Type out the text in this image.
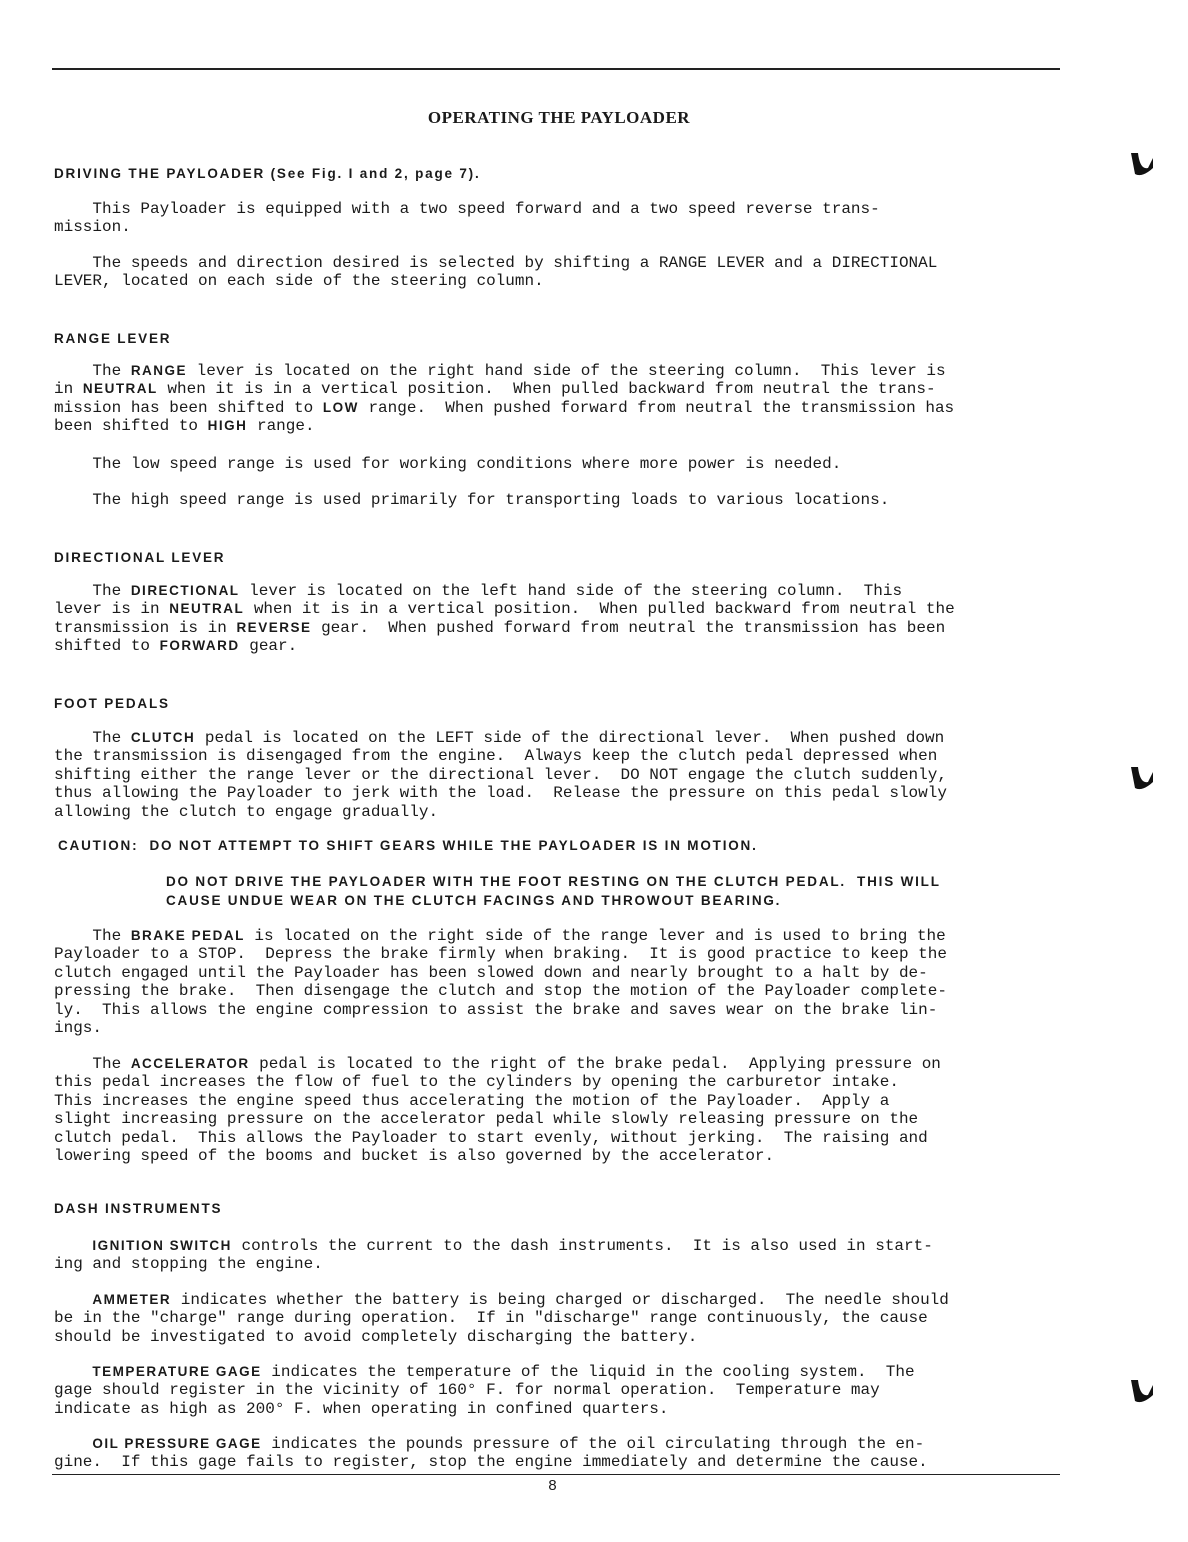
OPERATING THE PAYLOADER
DRIVING THE PAYLOADER (See Fig. I and 2, page 7).
This Payloader is equipped with a two speed forward and a two speed reverse trans-
mission.
The speeds and direction desired is selected by shifting a RANGE LEVER and a DIRECTIONAL
LEVER, located on each side of the steering column.
RANGE LEVER
The RANGE lever is located on the right hand side of the steering column.  This lever is
in NEUTRAL when it is in a vertical position.  When pulled backward from neutral the trans-
mission has been shifted to LOW range.  When pushed forward from neutral the transmission has
been shifted to HIGH range.
The low speed range is used for working conditions where more power is needed.
The high speed range is used primarily for transporting loads to various locations.
DIRECTIONAL LEVER
The DIRECTIONAL lever is located on the left hand side of the steering column.  This
lever is in NEUTRAL when it is in a vertical position.  When pulled backward from neutral the
transmission is in REVERSE gear.  When pushed forward from neutral the transmission has been
shifted to FORWARD gear.
FOOT PEDALS
The CLUTCH pedal is located on the LEFT side of the directional lever.  When pushed down
the transmission is disengaged from the engine.  Always keep the clutch pedal depressed when
shifting either the range lever or the directional lever.  DO NOT engage the clutch suddenly,
thus allowing the Payloader to jerk with the load.  Release the pressure on this pedal slowly
allowing the clutch to engage gradually.
CAUTION:  DO NOT ATTEMPT TO SHIFT GEARS WHILE THE PAYLOADER IS IN MOTION.
DO NOT DRIVE THE PAYLOADER WITH THE FOOT RESTING ON THE CLUTCH PEDAL.  THIS WILL
CAUSE UNDUE WEAR ON THE CLUTCH FACINGS AND THROWOUT BEARING.
The BRAKE PEDAL is located on the right side of the range lever and is used to bring the
Payloader to a STOP.  Depress the brake firmly when braking.  It is good practice to keep the
clutch engaged until the Payloader has been slowed down and nearly brought to a halt by de-
pressing the brake.  Then disengage the clutch and stop the motion of the Payloader complete-
ly.  This allows the engine compression to assist the brake and saves wear on the brake lin-
ings.
The ACCELERATOR pedal is located to the right of the brake pedal.  Applying pressure on
this pedal increases the flow of fuel to the cylinders by opening the carburetor intake.
This increases the engine speed thus accelerating the motion of the Payloader.  Apply a
slight increasing pressure on the accelerator pedal while slowly releasing pressure on the
clutch pedal.  This allows the Payloader to start evenly, without jerking.  The raising and
lowering speed of the booms and bucket is also governed by the accelerator.
DASH INSTRUMENTS
IGNITION SWITCH controls the current to the dash instruments.  It is also used in start-
ing and stopping the engine.
AMMETER indicates whether the battery is being charged or discharged.  The needle should
be in the "charge" range during operation.  If in "discharge" range continuously, the cause
should be investigated to avoid completely discharging the battery.
TEMPERATURE GAGE indicates the temperature of the liquid in the cooling system.  The
gage should register in the vicinity of 160° F. for normal operation.  Temperature may
indicate as high as 200° F. when operating in confined quarters.
OIL PRESSURE GAGE indicates the pounds pressure of the oil circulating through the en-
gine.  If this gage fails to register, stop the engine immediately and determine the cause.
8
